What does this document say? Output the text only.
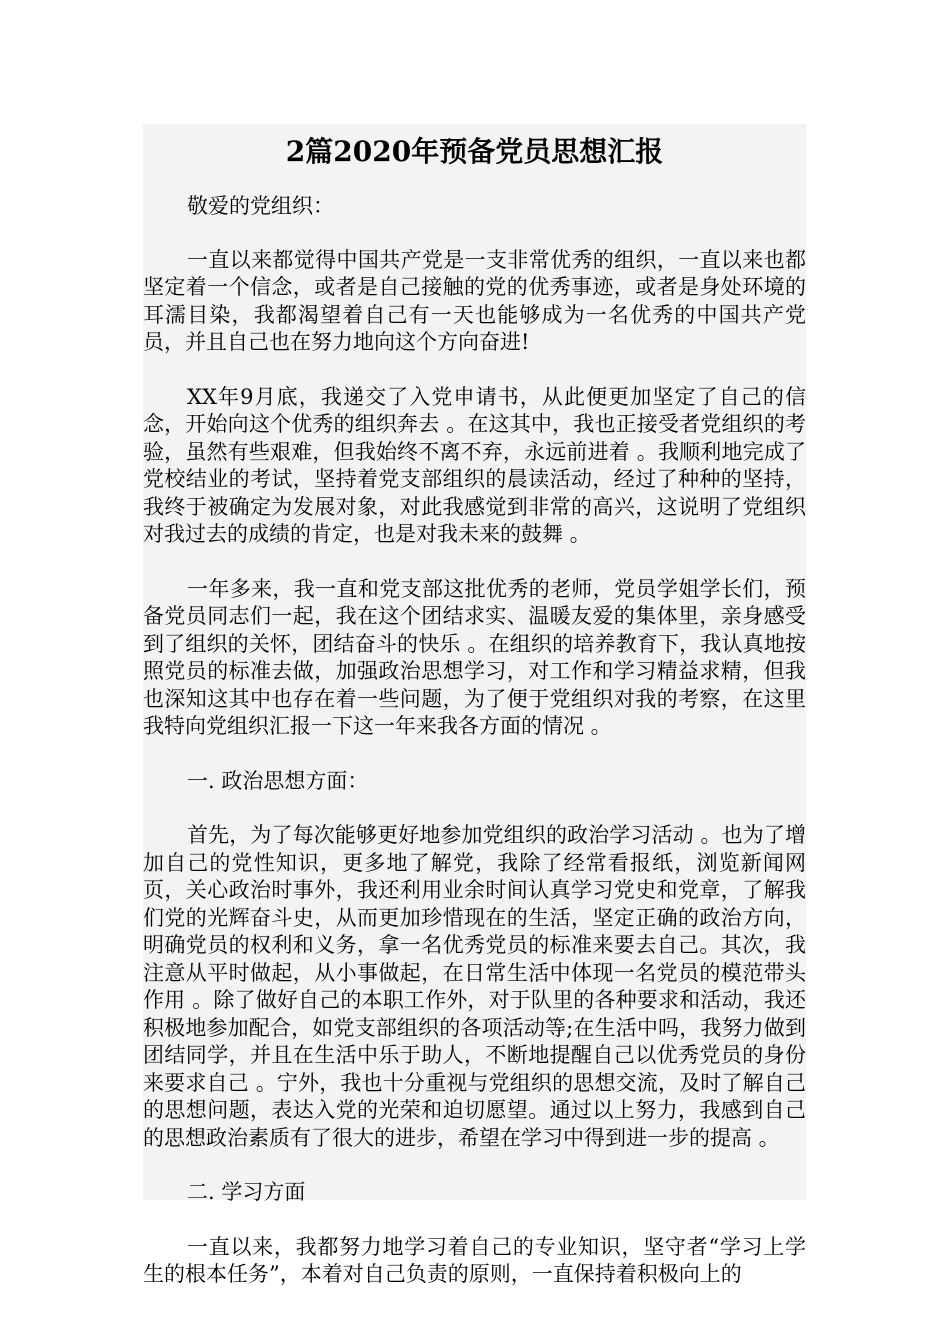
2篇2020年预备党员思想汇报

敬爱的党组织：

一直以来都觉得中国共产党是一支非常优秀的组织，一直以来也都坚定着一个信念，或者是自己接触的党的优秀事迹，或者是身处环境的耳濡目染，我都渴望着自己有一天也能够成为一名优秀的中国共产党员，并且自己也在努力地向这个方向奋进!

XX年9月底，我递交了入党申请书，从此便更加坚定了自己的信念，开始向这个优秀的组织奔去 。在这其中，我也正接受者党组织的考验，虽然有些艰难，但我始终不离不弃，永远前进着 。我顺利地完成了党校结业的考试，坚持着党支部组织的晨读活动，经过了种种的坚持，我终于被确定为发展对象，对此我感觉到非常的高兴，这说明了党组织对我过去的成绩的肯定，也是对我未来的鼓舞 。

一年多来，我一直和党支部这批优秀的老师，党员学姐学长们，预备党员同志们一起，我在这个团结求实、温暖友爱的集体里，亲身感受到了组织的关怀，团结奋斗的快乐 。在组织的培养教育下，我认真地按照党员的标准去做，加强政治思想学习，对工作和学习精益求精，但我也深知这其中也存在着一些问题，为了便于党组织对我的考察，在这里我特向党组织汇报一下这一年来我各方面的情况 。

一. 政治思想方面：

首先，为了每次能够更好地参加党组织的政治学习活动 。也为了增加自己的党性知识，更多地了解党，我除了经常看报纸，浏览新闻网页，关心政治时事外，我还利用业余时间认真学习党史和党章，了解我们党的光辉奋斗史，从而更加珍惜现在的生活，坚定正确的政治方向，明确党员的权利和义务，拿一名优秀党员的标准来要去自己。其次，我注意从平时做起，从小事做起，在日常生活中体现一名党员的模范带头作用 。除了做好自己的本职工作外，对于队里的各种要求和活动，我还积极地参加配合，如党支部组织的各项活动等;在生活中吗，我努力做到团结同学，并且在生活中乐于助人，不断地提醒自己以优秀党员的身份来要求自己 。宁外，我也十分重视与党组织的思想交流，及时了解自己的思想问题，表达入党的光荣和迫切愿望。通过以上努力，我感到自己的思想政治素质有了很大的进步，希望在学习中得到进一步的提高 。

二. 学习方面

一直以来，我都努力地学习着自己的专业知识，坚守者“学习上学生的根本任务”，本着对自己负责的原则，一直保持着积极向上的
